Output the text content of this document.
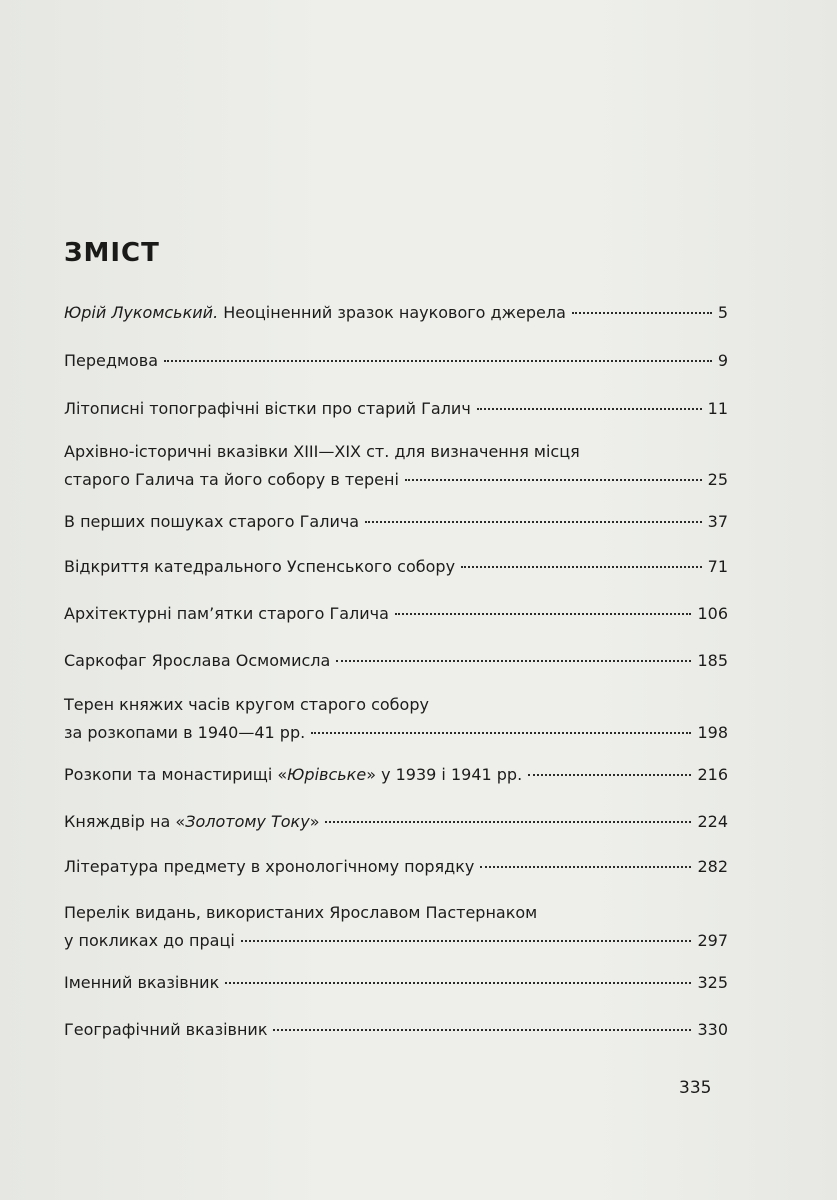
ЗМІСТ
Юрій Лукомський. Неоціненний зразок наукового джерела	5
Передмова	9
Літописні топографічні вістки про старий Галич	11
Архівно-історичні вказівки XIII—XIX ст. для визначення місця
старого Галича та його собору в терені	25
В перших пошуках старого Галича	37
Відкриття катедрального Успенського собору	71
Архітектурні пам’ятки старого Галича	106
Саркофаг Ярослава Осмомисла	185
Терен княжих часів кругом старого собору
за розкопами в 1940—41 рр.	198
Розкопи та монастирищі «Юрівське» у 1939 і 1941 рр.	216
Княждвір на «Золотому Току»	224
Література предмету в хронологічному порядку	282
Перелік видань, використаних Ярославом Пастернаком
у покликах до праці	297
Іменний вказівник	325
Географічний вказівник	330
335
